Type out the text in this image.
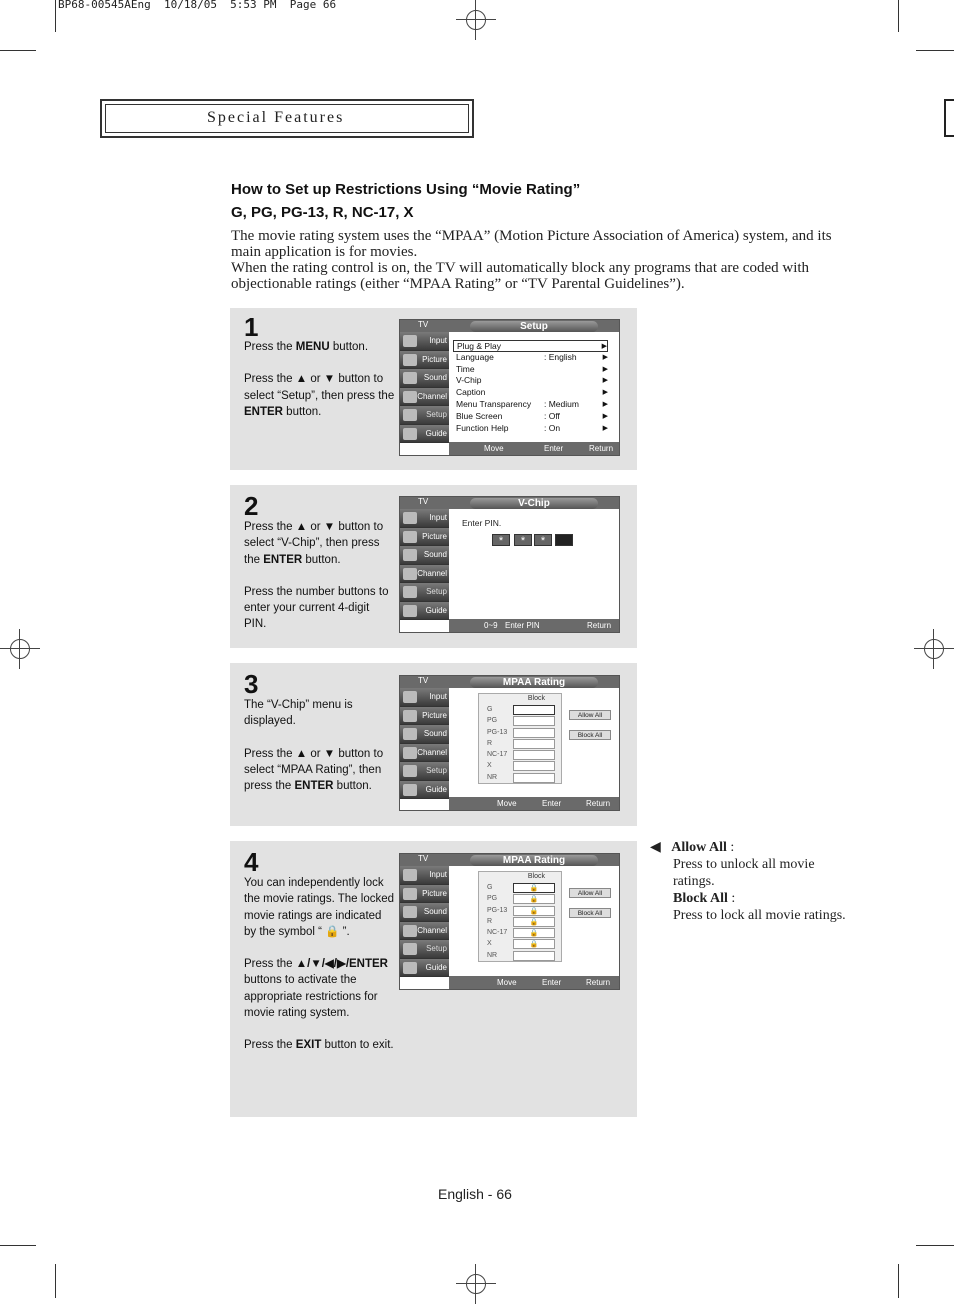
BP68-00545AEng  10/18/05  5:53 PM  Page 66
Special Features
How to Set up Restrictions Using “Movie Rating”
G, PG, PG-13, R, NC-17, X

The movie rating system uses the “MPAA” (Motion Picture Association of America) system, and its main application is for movies.

When the rating control is on, the TV will automatically block any programs that are coded with objectionable ratings (either “MPAA Rating” or “TV Parental Guidelines”).

1

Press the MENU button.

Press the ▲ or ▼ button to select “Setup”, then press the ENTER button.

TV	Setup
Input
Picture
Sound
Channel
Setup
Guide
Plug & Play	▶
Language	: English	▶
Time	▶
V-Chip	▶
Caption	▶
Menu Transparency : Medium	▶
Blue Screen	: Off	▶
Function Help	: On	▶
Move	Enter	Return
2

Press the ▲ or ▼ button to select “V-Chip”, then press the ENTER button.

Press the number buttons to enter your current 4-digit PIN.

TV	V-Chip
Input
Picture
Sound
Channel
Setup
Guide
Enter PIN.
*	*	*
0~9 Enter PIN	Return
3

The “V-Chip” menu is displayed.

Press the ▲ or ▼ button to select “MPAA Rating”, then press the ENTER button.

TV	MPAA Rating
Input
Picture
Sound
Channel
Setup
Guide
Block
G
PG
PG-13
R
NC-17
X
NR
Allow All
Block All
Move	Enter	Return
4

You can independently lock the movie ratings. The locked movie ratings are indicated by the symbol “ 🔒 ”.

Press the ▲/▼/◀/▶/ENTER buttons to activate the appropriate restrictions for movie rating system.

Press the EXIT button to exit.

TV	MPAA Rating
Input
Picture
Sound
Channel
Setup
Guide
Block
G	🔒
PG	🔒
PG-13	🔒
R	🔒
NC-17	🔒
X	🔒
NR
Allow All
Block All
Move	Enter	Return
◀ Allow All :
Press to unlock all movie ratings.
Block All :
Press to lock all movie ratings.
English - 66
